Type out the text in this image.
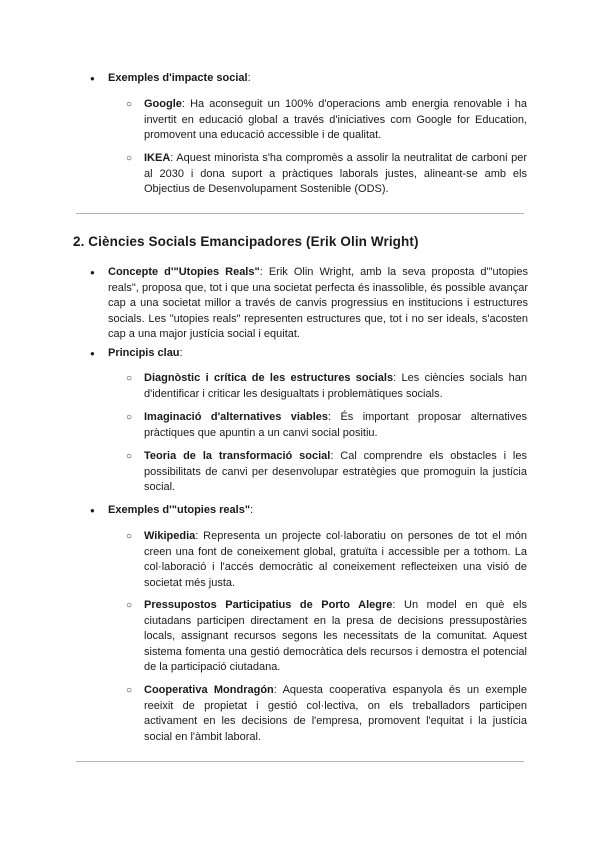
● Exemples d'impacte social:
○ Google: Ha aconseguit un 100% d'operacions amb energia renovable i ha invertit en educació global a través d'iniciatives com Google for Education, promovent una educació accessible i de qualitat.
○ IKEA: Aquest minorista s'ha compromès a assolir la neutralitat de carboni per al 2030 i dona suport a pràctiques laborals justes, alineant-se amb els Objectius de Desenvolupament Sostenible (ODS).
2. Ciències Socials Emancipadores (Erik Olin Wright)
● Concepte d'"Utopies Reals": Erik Olin Wright, amb la seva proposta d'"utopies reals", proposa que, tot i que una societat perfecta és inassolible, és possible avançar cap a una societat millor a través de canvis progressius en institucions i estructures socials. Les "utopies reals" representen estructures que, tot i no ser ideals, s'acosten cap a una major justícia social i equitat.
● Principis clau:
○ Diagnòstic i crítica de les estructures socials: Les ciències socials han d'identificar i criticar les desigualtats i problemàtiques socials.
○ Imaginació d'alternatives viables: És important proposar alternatives pràctiques que apuntin a un canvi social positiu.
○ Teoria de la transformació social: Cal comprendre els obstacles i les possibilitats de canvi per desenvolupar estratègies que promoguin la justícia social.
● Exemples d'"utopies reals":
○ Wikipedia: Representa un projecte col·laboratiu on persones de tot el món creen una font de coneixement global, gratuïta i accessible per a tothom. La col·laboració i l'accés democràtic al coneixement reflecteixen una visió de societat més justa.
○ Pressupostos Participatius de Porto Alegre: Un model en què els ciutadans participen directament en la presa de decisions pressupostàries locals, assignant recursos segons les necessitats de la comunitat. Aquest sistema fomenta una gestió democràtica dels recursos i demostra el potencial de la participació ciutadana.
○ Cooperativa Mondragón: Aquesta cooperativa espanyola és un exemple reeixit de propietat i gestió col·lectiva, on els treballadors participen activament en les decisions de l'empresa, promovent l'equitat i la justícia social en l'àmbit laboral.
